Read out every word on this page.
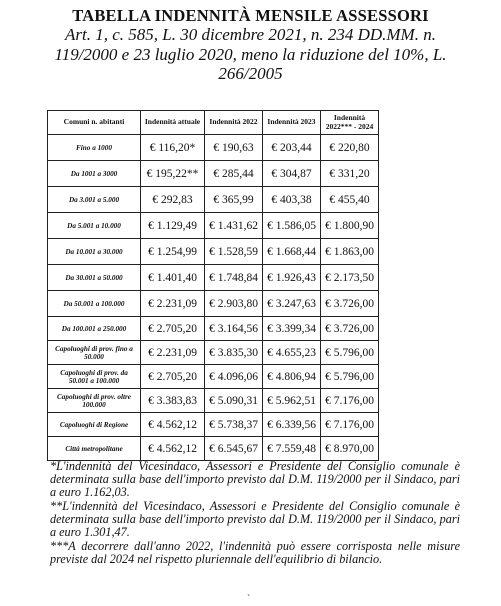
TABELLA INDENNITÀ MENSILE ASSESSORI
Art. 1, c. 585, L. 30 dicembre 2021, n. 234 DD.MM. n. 119/2000 e 23 luglio 2020, meno la riduzione del 10%, L. 266/2005
Comuni n. abitanti	Indennità attuale	Indennità 2022	Indennità 2023	Indennità 2022*** - 2024
Fino a 1000	€ 116,20*	€ 190,63	€ 203,44	€ 220,80
Da 1001 a 3000	€ 195,22**	€ 285,44	€ 304,87	€ 331,20
Da 3.001 a 5.000	€ 292,83	€ 365,99	€ 403,38	€ 455,40
Da 5.001 a 10.000	€ 1.129,49	€ 1.431,62	€ 1.586,05	€ 1.800,90
Da 10.001 a 30.000	€ 1.254,99	€ 1.528,59	€ 1.668,44	€ 1.863,00
Da 30.001 a 50.000	€ 1.401,40	€ 1.748,84	€ 1.926,43	€ 2.173,50
Da 50.001 a 100.000	€ 2.231,09	€ 2.903,80	€ 3.247,63	€ 3.726,00
Da 100.001 a 250.000	€ 2.705,20	€ 3.164,56	€ 3.399,34	€ 3.726,00
Capoluoghi di prov. fino a 50.000	€ 2.231,09	€ 3.835,30	€ 4.655,23	€ 5.796,00
Capoluoghi di prov. da 50.001 a 100.000	€ 2.705,20	€ 4.096,06	€ 4.806,94	€ 5.796,00
Capoluoghi di prov. oltre 100.000	€ 3.383,83	€ 5.090,31	€ 5.962,51	€ 7.176,00
Capoluoghi di Regione	€ 4.562,12	€ 5.738,37	€ 6.339,56	€ 7.176,00
Città metropolitane	€ 4.562,12	€ 6.545,67	€ 7.559,48	€ 8.970,00

*L'indennità del Vicesindaco, Assessori e Presidente del Consiglio comunale è determinata sulla base dell'importo previsto dal D.M. 119/2000 per il Sindaco, pari a euro 1.162,03.

**L'indennità del Vicesindaco, Assessori e Presidente del Consiglio comunale è determinata sulla base dell'importo previsto dal D.M. 119/2000 per il Sindaco, pari a euro 1.301,47.

***A decorrere dall'anno 2022, l'indennità può essere corrisposta nelle misure previste dal 2024 nel rispetto pluriennale dell'equilibrio di bilancio.

`
